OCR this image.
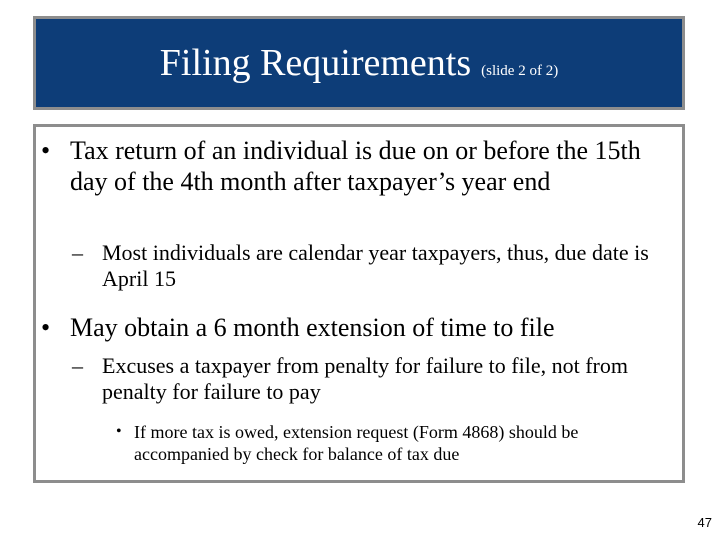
Filing Requirements (slide 2 of 2)
• Tax return of an individual is due on or before the 15th day of the 4th month after taxpayer’s year end
– Most individuals are calendar year taxpayers, thus, due date is April 15
• May obtain a 6 month extension of time to file
– Excuses a taxpayer from penalty for failure to file, not from penalty for failure to pay
• If more tax is owed, extension request (Form 4868) should be accompanied by check for balance of tax due
47
